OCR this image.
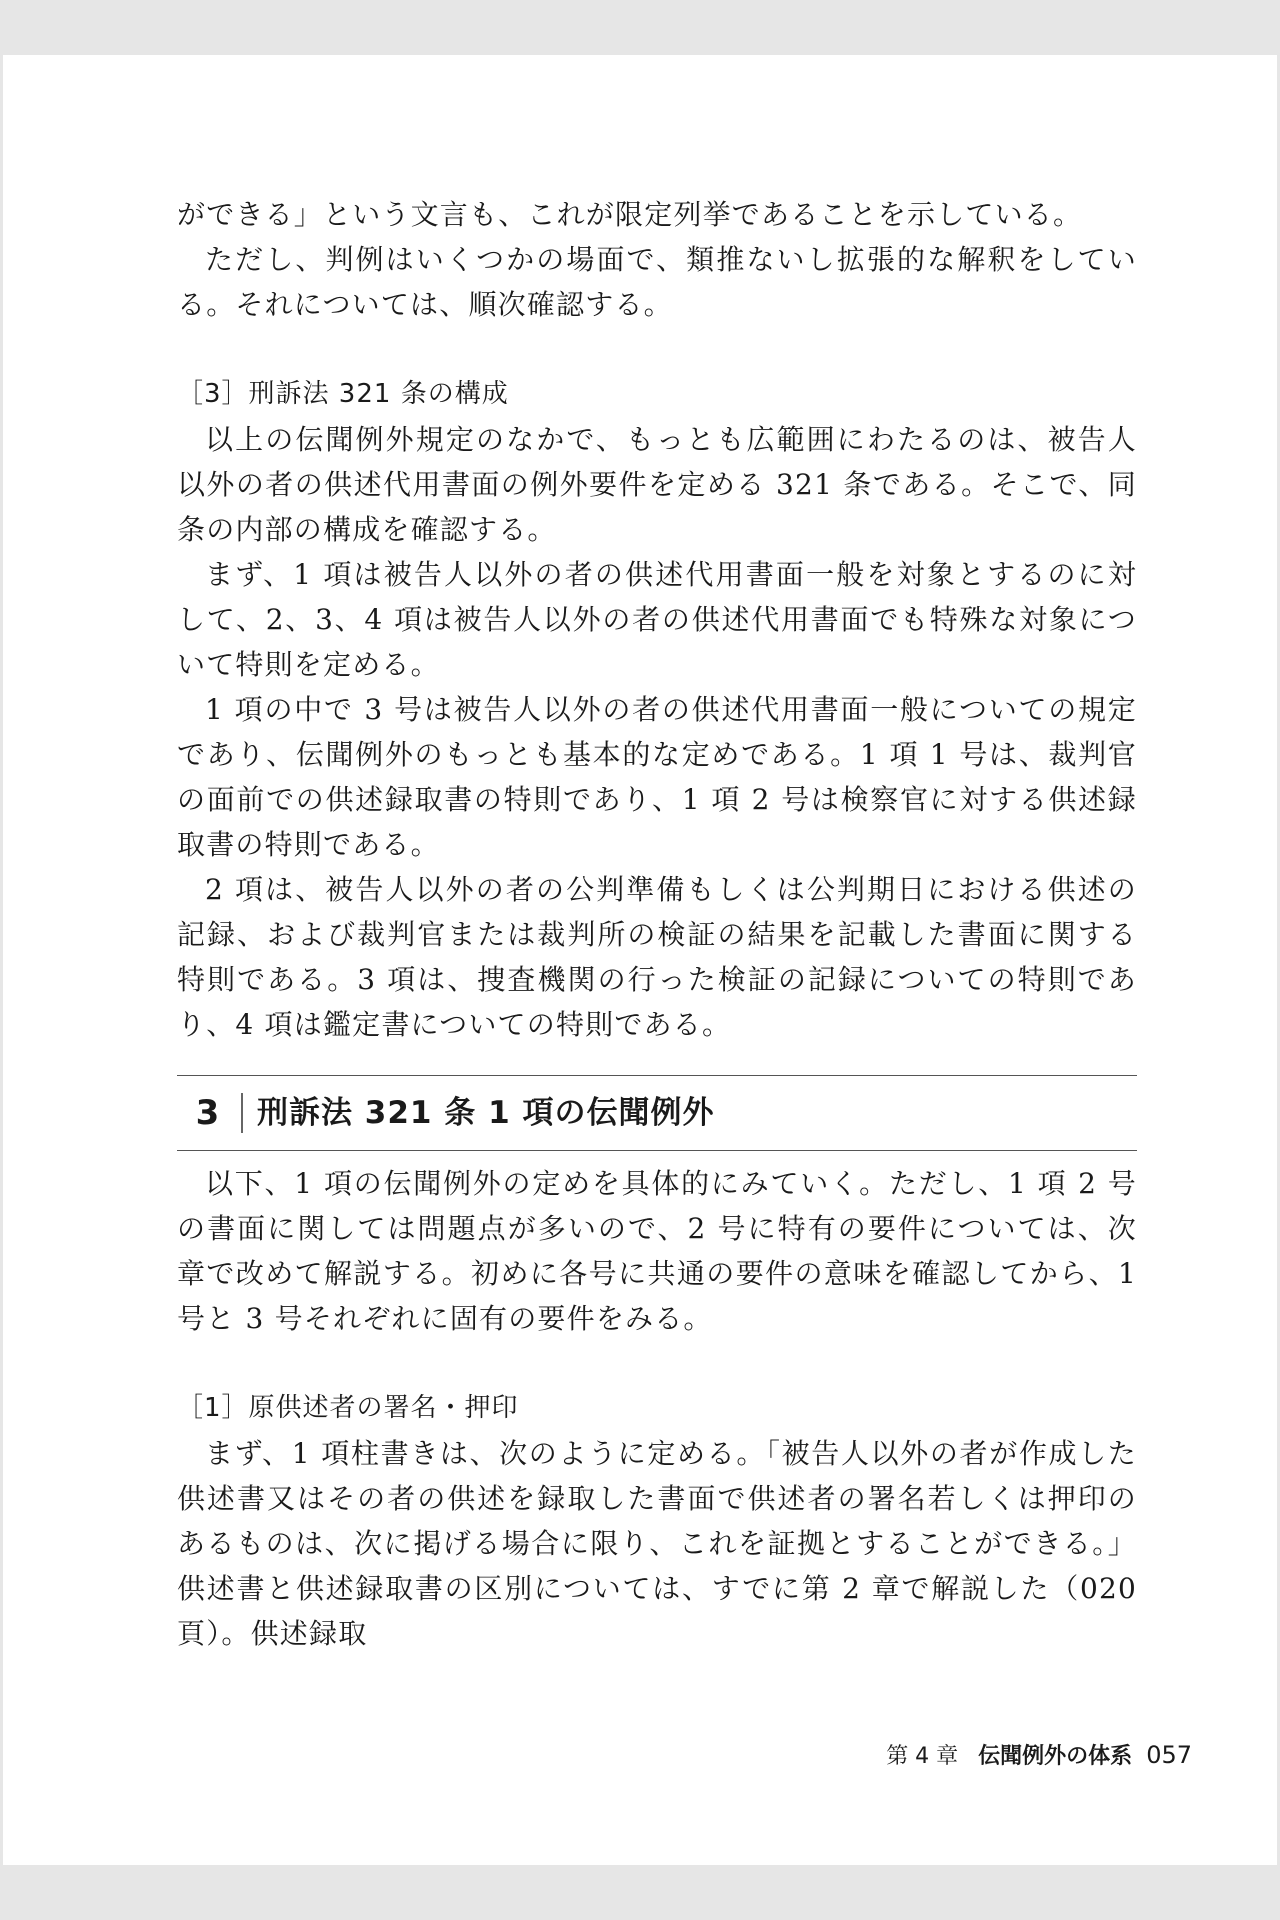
ができる」という文言も、これが限定列挙であることを示している。

ただし、判例はいくつかの場面で、類推ないし拡張的な解釈をしている。それについては、順次確認する。

［3］刑訴法 321 条の構成

以上の伝聞例外規定のなかで、もっとも広範囲にわたるのは、被告人以外の者の供述代用書面の例外要件を定める 321 条である。そこで、同条の内部の構成を確認する。

まず、1 項は被告人以外の者の供述代用書面一般を対象とするのに対して、2、3、4 項は被告人以外の者の供述代用書面でも特殊な対象について特則を定める。

1 項の中で 3 号は被告人以外の者の供述代用書面一般についての規定であり、伝聞例外のもっとも基本的な定めである。1 項 1 号は、裁判官の面前での供述録取書の特則であり、1 項 2 号は検察官に対する供述録取書の特則である。

2 項は、被告人以外の者の公判準備もしくは公判期日における供述の記録、および裁判官または裁判所の検証の結果を記載した書面に関する特則である。3 項は、捜査機関の行った検証の記録についての特則であり、4 項は鑑定書についての特則である。

3	刑訴法 321 条 1 項の伝聞例外

以下、1 項の伝聞例外の定めを具体的にみていく。ただし、1 項 2 号の書面に関しては問題点が多いので、2 号に特有の要件については、次章で改めて解説する。初めに各号に共通の要件の意味を確認してから、1 号と 3 号それぞれに固有の要件をみる。

［1］原供述者の署名・押印

まず、1 項柱書きは、次のように定める。「被告人以外の者が作成した供述書又はその者の供述を録取した書面で供述者の署名若しくは押印のあるものは、次に掲げる場合に限り、これを証拠とすることができる。」供述書と供述録取書の区別については、すでに第 2 章で解説した（020 頁）。供述録取

第 4 章 伝聞例外の体系 057
